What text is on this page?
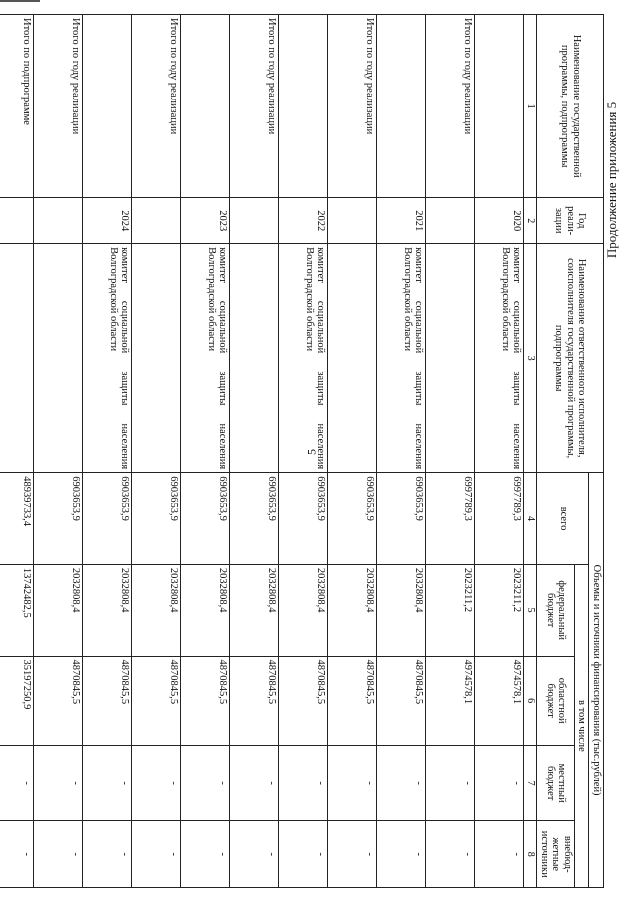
5
Продолжение приложения 5
Наименование государственной программы, подпрограммы	Год реали-зации	Наименование ответственного исполнителя, соисполнителя государственной программы, подпрограммы	Объемы и источники финансирования (тыс.рублей)				
			всего	в том числе			
				федеральный бюджет	областной бюджет	местный бюджет	внебюд-жетные источники
1	2	3	4	5	6	7	8
	2020	комитет социальной защиты населения Волгоградской области	6997789,3	2023211,2	4974578,1	-	-
Итого по году реализации			6997789,3	2023211,2	4974578,1	-	-
	2021	комитет социальной защиты населения Волгоградской области	6903653,9	2032808,4	4870845,5	-	-
Итого по году реализации			6903653,9	2032808,4	4870845,5	-	-
	2022	комитет социальной защиты населения Волгоградской области	6903653,9	2032808,4	4870845,5	-	-
Итого по году реализации			6903653,9	2032808,4	4870845,5	-	-
	2023	комитет социальной защиты населения Волгоградской области	6903653,9	2032808,4	4870845,5	-	-
Итого по году реализации			6903653,9	2032808,4	4870845,5	-	-
	2024	комитет социальной защиты населения Волгоградской области	6903653,9	2032808,4	4870845,5	-	-
Итого по году реализации			6903653,9	2032808,4	4870845,5	-	-
Итого по подпрограмме			48939733,4	13742482,5	35197250,9	-	-
